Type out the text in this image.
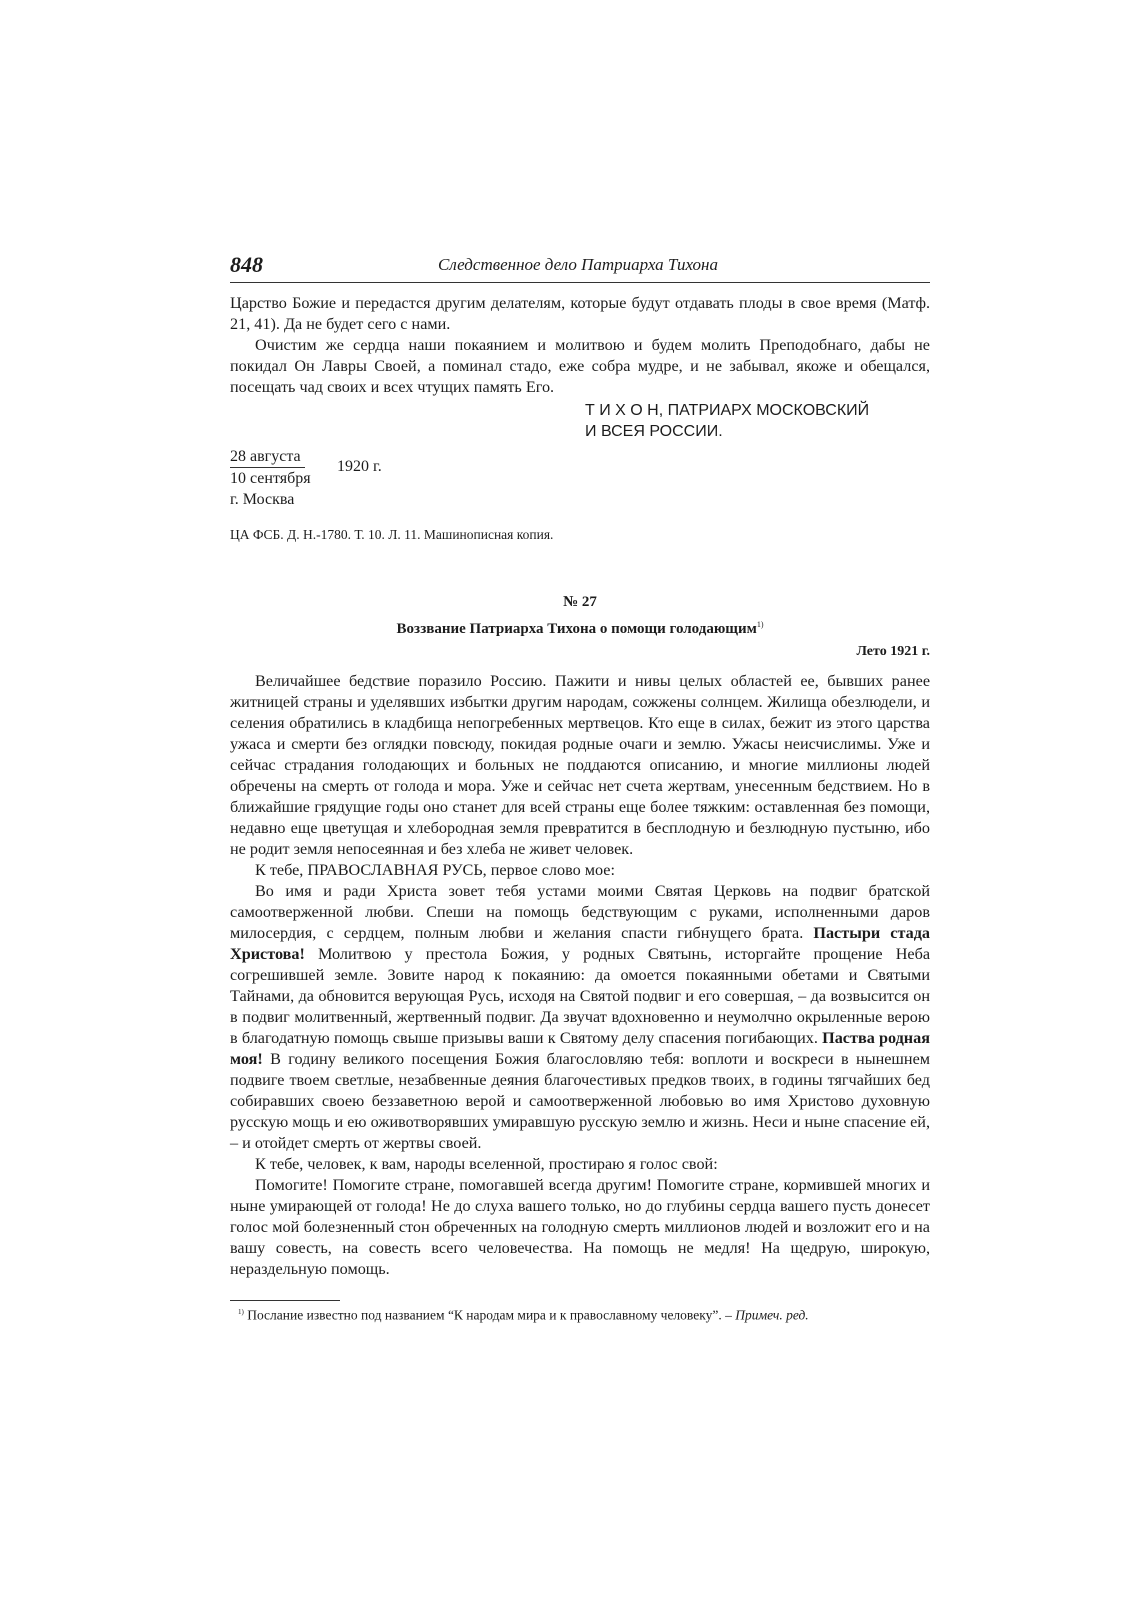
848	Следственное дело Патриарха Тихона

Царство Божие и передастся другим делателям, которые будут отдавать плоды в свое время (Матф. 21, 41). Да не будет сего с нами.

Очистим же сердца наши покаянием и молитвою и будем молить Преподобнаго, дабы не покидал Он Лавры Своей, а поминал стадо, еже собра мудре, и не забывал, якоже и обещался, посещать чад своих и всех чтущих память Его.

Т И Х О Н, ПАТРИАРХ МОСКОВСКИЙ
И ВСЕЯ РОССИИ.
28 августа
10 сентября
г. Москва
1920 г.
ЦА ФСБ. Д. Н.-1780. Т. 10. Л. 11. Машинописная копия.
№ 27
Воззвание Патриарха Тихона о помощи голодающим$^{1)}$
Лето 1921 г.

Величайшее бедствие поразило Россию. Пажити и нивы целых областей ее, бывших ранее житницей страны и уделявших избытки другим народам, сожжены солнцем. Жилища обезлюдели, и селения обратились в кладбища непогребенных мертвецов. Кто еще в силах, бежит из этого царства ужаса и смерти без оглядки повсюду, покидая родные очаги и землю. Ужасы неисчислимы. Уже и сейчас страдания голодающих и больных не поддаются описанию, и многие миллионы людей обречены на смерть от голода и мора. Уже и сейчас нет счета жертвам, унесенным бедствием. Но в ближайшие грядущие годы оно станет для всей страны еще более тяжким: оставленная без помощи, недавно еще цветущая и хлебородная земля превратится в бесплодную и безлюдную пустыню, ибо не родит земля непосеянная и без хлеба не живет человек.

К тебе, ПРАВОСЛАВНАЯ РУСЬ, первое слово мое:

Во имя и ради Христа зовет тебя устами моими Святая Церковь на подвиг братской самоотверженной любви. Спеши на помощь бедствующим с руками, исполненными даров милосердия, с сердцем, полным любви и желания спасти гибнущего брата. Пастыри стада Христова! Молитвою у престола Божия, у родных Святынь, исторгайте прощение Неба согрешившей земле. Зовите народ к покаянию: да омоется покаянными обетами и Святыми Тайнами, да обновится верующая Русь, исходя на Святой подвиг и его совершая, – да возвысится он в подвиг молитвенный, жертвенный подвиг. Да звучат вдохновенно и неумолчно окрыленные верою в благодатную помощь свыше призывы ваши к Святому делу спасения погибающих. Паства родная моя! В годину великого посещения Божия благословляю тебя: воплоти и воскреси в нынешнем подвиге твоем светлые, незабвенные деяния благочестивых предков твоих, в годины тягчайших бед собиравших своею беззаветною верой и самоотверженной любовью во имя Христово духовную русскую мощь и ею оживотворявших умиравшую русскую землю и жизнь. Неси и ныне спасение ей, – и отойдет смерть от жертвы своей.

К тебе, человек, к вам, народы вселенной, простираю я голос свой:

Помогите! Помогите стране, помогавшей всегда другим! Помогите стране, кормившей многих и ныне умирающей от голода! Не до слуха вашего только, но до глубины сердца вашего пусть донесет голос мой болезненный стон обреченных на голодную смерть миллионов людей и возложит его и на вашу совесть, на совесть всего человечества. На помощь не медля! На щедрую, широкую, нераздельную помощь.

$^{1)}$ Послание известно под названием “К народам мира и к православному человеку”. – Примеч. ред.
